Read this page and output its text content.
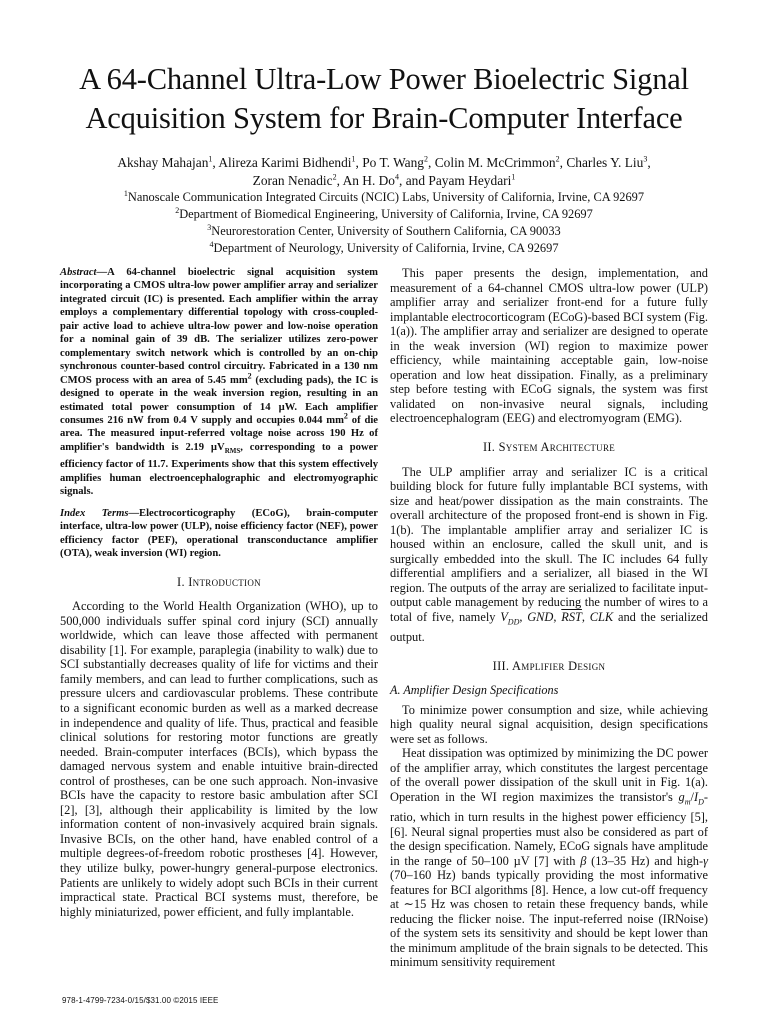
A 64-Channel Ultra-Low Power Bioelectric Signal
Acquisition System for Brain-Computer Interface
Akshay Mahajan$^1$, Alireza Karimi Bidhendi$^1$, Po T. Wang$^2$, Colin M. McCrimmon$^2$, Charles Y. Liu$^3$,
Zoran Nenadic$^2$, An H. Do$^4$, and Payam Heydari$^1$
$^1$Nanoscale Communication Integrated Circuits (NCIC) Labs, University of California, Irvine, CA 92697
$^2$Department of Biomedical Engineering, University of California, Irvine, CA 92697
$^3$Neurorestoration Center, University of Southern California, CA 90033
$^4$Department of Neurology, University of California, Irvine, CA 92697
Abstract—A 64-channel bioelectric signal acquisition system incorporating a CMOS ultra-low power amplifier array and serializer integrated circuit (IC) is presented. Each amplifier within the array employs a complementary differential topology with cross-coupled-pair active load to achieve ultra-low power and low-noise operation for a nominal gain of 39 dB. The serializer utilizes zero-power complementary switch network which is controlled by an on-chip synchronous counter-based control circuitry. Fabricated in a 130 nm CMOS process with an area of 5.45 $mm^2$ (excluding pads), the IC is designed to operate in the weak inversion region, resulting in an estimated total power consumption of 14 µW. Each amplifier consumes 216 nW from 0.4 V supply and occupies 0.044 $mm^2$ of die area. The measured input-referred voltage noise across 190 Hz of amplifier's bandwidth is 2.19 µV$_{RMS}$, corresponding to a power efficiency factor of 11.7. Experiments show that this system effectively amplifies human electroencephalographic and electromyographic signals.
Index Terms—Electrocorticography (ECoG), brain-computer interface, ultra-low power (ULP), noise efficiency factor (NEF), power efficiency factor (PEF), operational transconductance amplifier (OTA), weak inversion (WI) region.
I. Introduction

According to the World Health Organization (WHO), up to 500,000 individuals suffer spinal cord injury (SCI) annually worldwide, which can leave those affected with permanent disability [1]. For example, paraplegia (inability to walk) due to SCI substantially decreases quality of life for victims and their family members, and can lead to further complications, such as pressure ulcers and cardiovascular problems. These contribute to a significant economic burden as well as a marked decrease in independence and quality of life. Thus, practical and feasible clinical solutions for restoring motor functions are greatly needed. Brain-computer interfaces (BCIs), which bypass the damaged nervous system and enable intuitive brain-directed control of prostheses, can be one such approach. Non-invasive BCIs have the capacity to restore basic ambulation after SCI [2], [3], although their applicability is limited by the low information content of non-invasively acquired brain signals. Invasive BCIs, on the other hand, have enabled control of a multiple degrees-of-freedom robotic prostheses [4]. However, they utilize bulky, power-hungry general-purpose electronics. Patients are unlikely to widely adopt such BCIs in their current impractical state. Practical BCI systems must, therefore, be highly miniaturized, power efficient, and fully implantable.

This paper presents the design, implementation, and measurement of a 64-channel CMOS ultra-low power (ULP) amplifier array and serializer front-end for a future fully implantable electrocorticogram (ECoG)-based BCI system (Fig. 1(a)). The amplifier array and serializer are designed to operate in the weak inversion (WI) region to maximize power efficiency, while maintaining acceptable gain, low-noise operation and low heat dissipation. Finally, as a preliminary step before testing with ECoG signals, the system was first validated on non-invasive neural signals, including electroencephalogram (EEG) and electromyogram (EMG).

II. System Architecture

The ULP amplifier array and serializer IC is a critical building block for future fully implantable BCI systems, with size and heat/power dissipation as the main constraints. The overall architecture of the proposed front-end is shown in Fig. 1(b). The implantable amplifier array and serializer IC is housed within an enclosure, called the skull unit, and is surgically embedded into the skull. The IC includes 64 fully differential amplifiers and a serializer, all biased in the WI region. The outputs of the array are serialized to facilitate input-output cable management by reducing the number of wires to a total of five, namely $V_{DD}$, GND, $\overline{RST}$, CLK and the serialized output.

III. Amplifier Design
A. Amplifier Design Specifications

To minimize power consumption and size, while achieving high quality neural signal acquisition, design specifications were set as follows.

Heat dissipation was optimized by minimizing the DC power of the amplifier array, which constitutes the largest percentage of the overall power dissipation of the skull unit in Fig. 1(a). Operation in the WI region maximizes the transistor's $g_m/I_D$-ratio, which in turn results in the highest power efficiency [5], [6]. Neural signal properties must also be considered as part of the design specification. Namely, ECoG signals have amplitude in the range of 50–100 µV [7] with β (13–35 Hz) and high-γ (70–160 Hz) bands typically providing the most informative features for BCI algorithms [8]. Hence, a low cut-off frequency at ∼15 Hz was chosen to retain these frequency bands, while reducing the flicker noise. The input-referred noise (IRNoise) of the system sets its sensitivity and should be kept lower than the minimum amplitude of the brain signals to be detected. This minimum sensitivity requirement

978-1-4799-7234-0/15/$31.00 ©2015 IEEE
